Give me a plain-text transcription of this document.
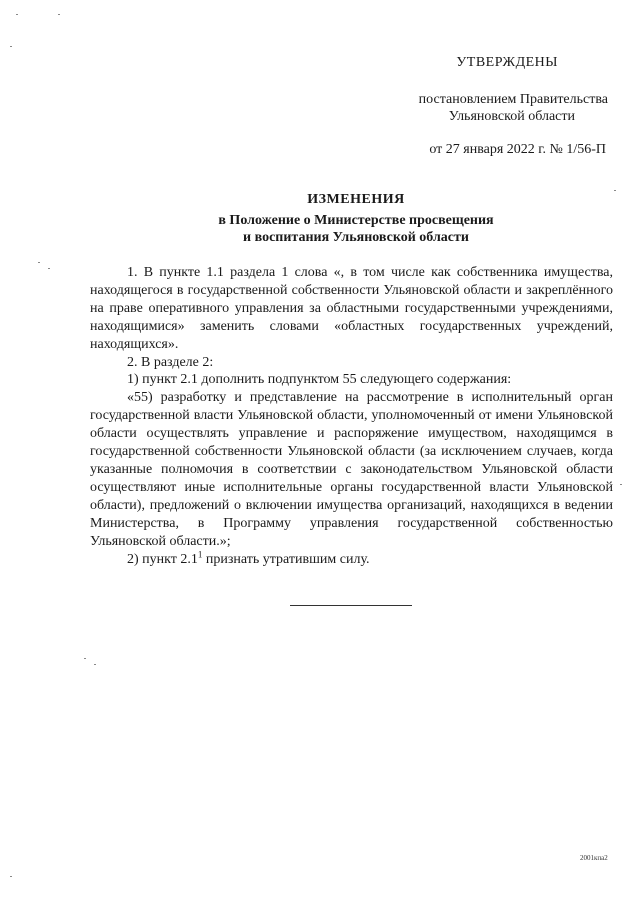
УТВЕРЖДЕНЫ
постановлением Правительства
Ульяновской области
от 27 января 2022 г. № 1/56-П
ИЗМЕНЕНИЯ
в Положение о Министерстве просвещения
и воспитания Ульяновской области

1. В пункте 1.1 раздела 1 слова «, в том числе как собственника имущества, находящегося в государственной собственности Ульяновской области и закреплённого на праве оперативного управления за областными государственными учреждениями, находящимися» заменить словами «областных государственных учреждений, находящихся».

2. В разделе 2:

1) пункт 2.1 дополнить подпунктом 55 следующего содержания:

«55) разработку и представление на рассмотрение в исполнительный орган государственной власти Ульяновской области, уполномоченный от имени Ульяновской области осуществлять управление и распоряжение имуществом, находящимся в государственной собственности Ульяновской области (за исключением случаев, когда указанные полномочия в соответствии с законодательством Ульяновской области осуществляют иные исполнительные органы государственной власти Ульяновской области), предложений о включении имущества организаций, находящихся в ведении Министерства, в Программу управления государственной собственностью Ульяновской области.»;

2) пункт $2.1^1$ признать утратившим силу.

2001кпа2
